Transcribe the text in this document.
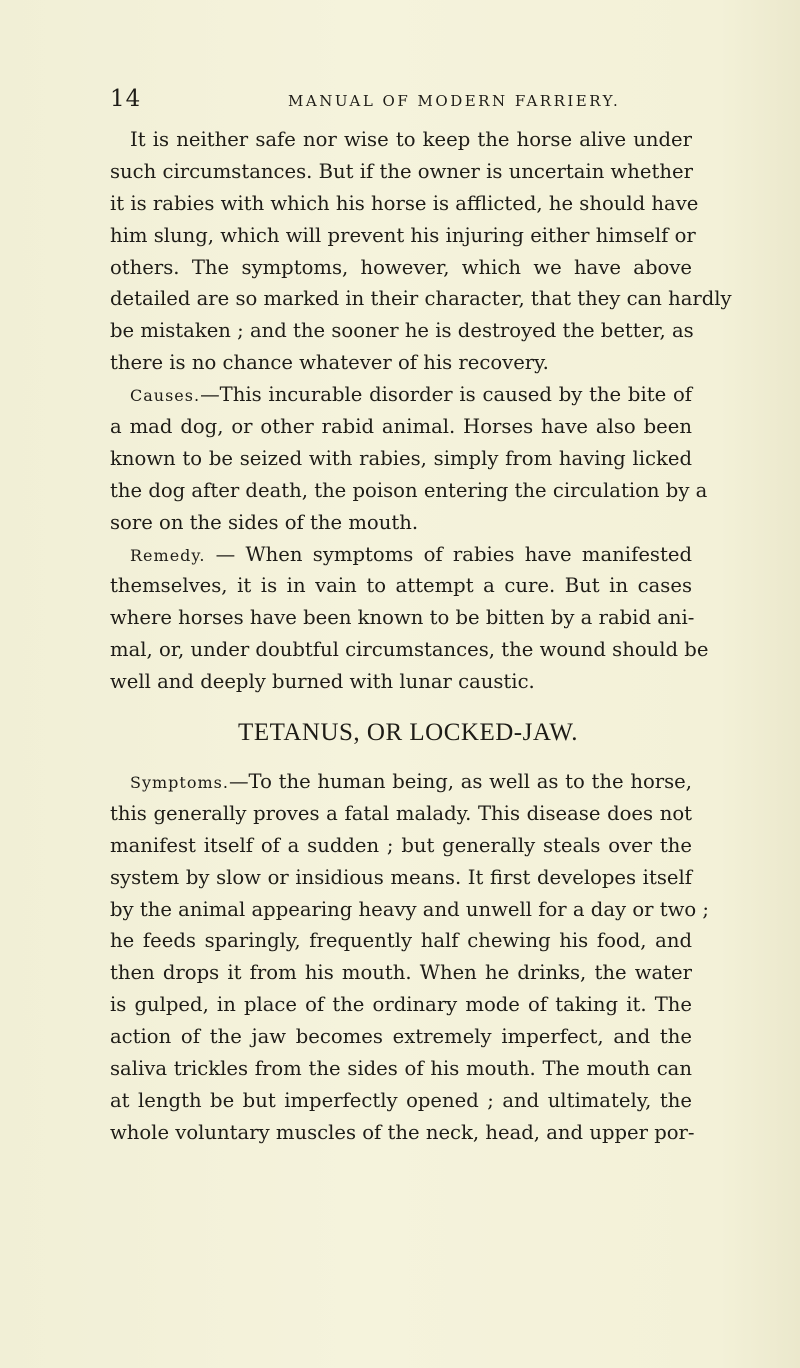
14	MANUAL OF MODERN FARRIERY.
It is neither safe nor wise to keep the horse alive under
such circumstances. But if the owner is uncertain whether
it is rabies with which his horse is afflicted, he should have
him slung, which will prevent his injuring either himself or
others. The symptoms, however, which we have above
detailed are so marked in their character, that they can hardly
be mistaken ; and the sooner he is destroyed the better, as
there is no chance whatever of his recovery.
Causes.—This incurable disorder is caused by the bite of
a mad dog, or other rabid animal. Horses have also been
known to be seized with rabies, simply from having licked
the dog after death, the poison entering the circulation by a
sore on the sides of the mouth.
Remedy. — When symptoms of rabies have manifested
themselves, it is in vain to attempt a cure. But in cases
where horses have been known to be bitten by a rabid ani-
mal, or, under doubtful circumstances, the wound should be
well and deeply burned with lunar caustic.
TETANUS, OR LOCKED-JAW.
Symptoms.—To the human being, as well as to the horse,
this generally proves a fatal malady. This disease does not
manifest itself of a sudden ; but generally steals over the
system by slow or insidious means. It first developes itself
by the animal appearing heavy and unwell for a day or two ;
he feeds sparingly, frequently half chewing his food, and
then drops it from his mouth. When he drinks, the water
is gulped, in place of the ordinary mode of taking it. The
action of the jaw becomes extremely imperfect, and the
saliva trickles from the sides of his mouth. The mouth can
at length be but imperfectly opened ; and ultimately, the
whole voluntary muscles of the neck, head, and upper por-
